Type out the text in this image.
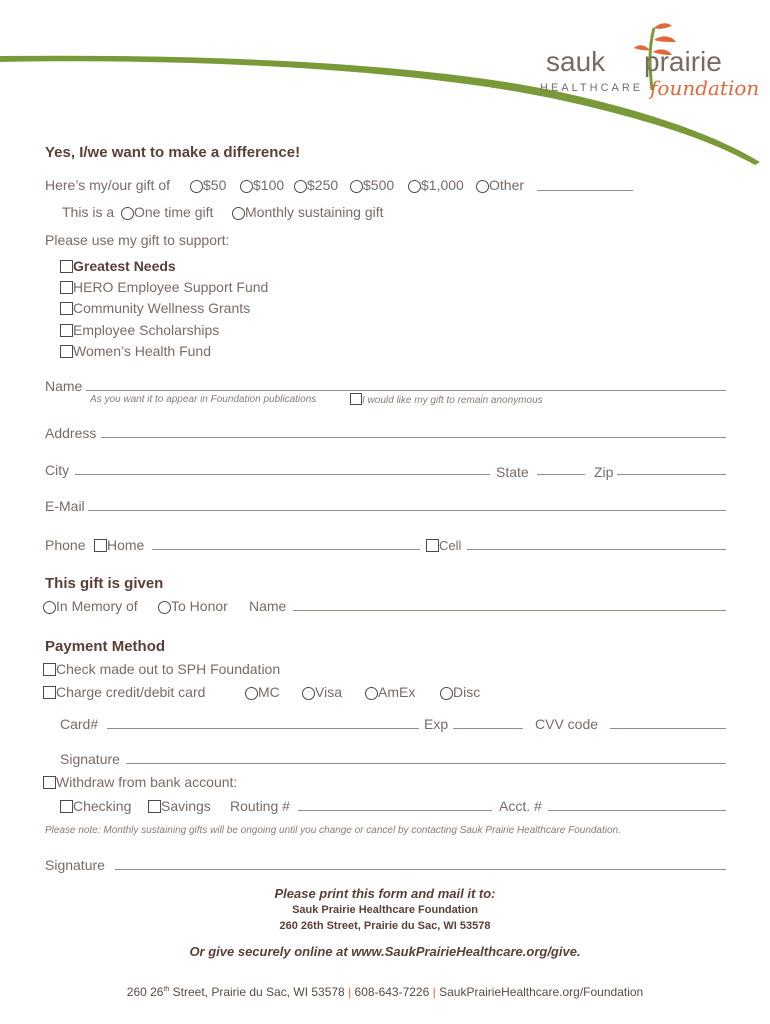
sauk prairie
HEALTHCARE foundation
Yes, I/we want to make a difference!
Here’s my/our gift of	$50	$100	$250	$500	$1,000	Other
This is a	One time gift	Monthly sustaining gift
Please use my gift to support:
Greatest Needs
HERO Employee Support Fund
Community Wellness Grants
Employee Scholarships
Women’s Health Fund
Name
As you want it to appear in Foundation publications	I would like my gift to remain anonymous
Address
City	State	Zip
E-Mail
Phone	Home	Cell
This gift is given
In Memory of	To Honor Name
Payment Method
Check made out to SPH Foundation
Charge credit/debit card	MC	Visa	AmEx	Disc
Card#	Exp	CVV code
Signature
Withdraw from bank account:
Checking	Savings Routing #	Acct. #
Please note: Monthly sustaining gifts will be ongoing until you change or cancel by contacting Sauk Prairie Healthcare Foundation.
Signature
Please print this form and mail it to:
Sauk Prairie Healthcare Foundation
260 26th Street, Prairie du Sac, WI 53578
Or give securely online at www.SaukPrairieHealthcare.org/give.
260 26th Street, Prairie du Sac, WI 53578 | 608-643-7226 | SaukPrairieHealthcare.org/Foundation
